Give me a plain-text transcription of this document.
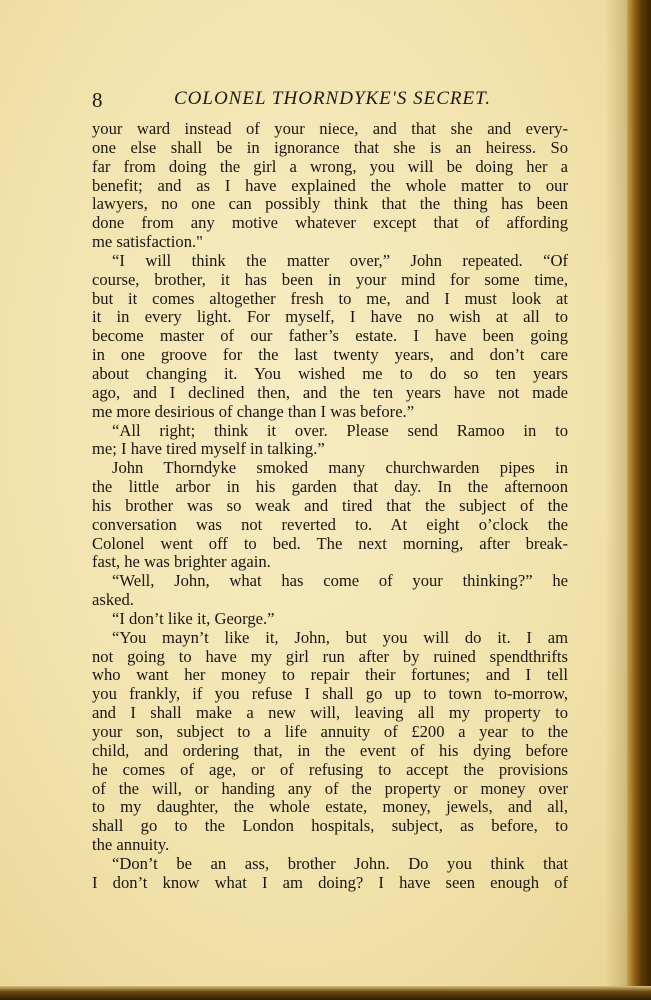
8	COLONEL THORNDYKE'S SECRET.
your ward instead of your niece, and that she and every-
one else shall be in ignorance that she is an heiress. So
far from doing the girl a wrong, you will be doing her a
benefit; and as I have explained the whole matter to our
lawyers, no one can possibly think that the thing has been
done from any motive whatever except that of affording
me satisfaction."
“I will think the matter over,” John repeated. “Of
course, brother, it has been in your mind for some time,
but it comes altogether fresh to me, and I must look at
it in every light. For myself, I have no wish at all to
become master of our father’s estate. I have been going
in one groove for the last twenty years, and don’t care
about changing it. You wished me to do so ten years
ago, and I declined then, and the ten years have not made
me more desirious of change than I was before.”
“All right; think it over. Please send Ramoo in to
me; I have tired myself in talking.”
John Thorndyke smoked many churchwarden pipes in
the little arbor in his garden that day. In the afternoon
his brother was so weak and tired that the subject of the
conversation was not reverted to. At eight o’clock the
Colonel went off to bed. The next morning, after break-
fast, he was brighter again.
“Well, John, what has come of your thinking?” he
asked.
“I don’t like it, George.”
“You mayn’t like it, John, but you will do it. I am
not going to have my girl run after by ruined spendthrifts
who want her money to repair their fortunes; and I tell
you frankly, if you refuse I shall go up to town to-morrow,
and I shall make a new will, leaving all my property to
your son, subject to a life annuity of £200 a year to the
child, and ordering that, in the event of his dying before
he comes of age, or of refusing to accept the provisions
of the will, or handing any of the property or money over
to my daughter, the whole estate, money, jewels, and all,
shall go to the London hospitals, subject, as before, to
the annuity.
“Don’t be an ass, brother John. Do you think that
I don’t know what I am doing? I have seen enough of
